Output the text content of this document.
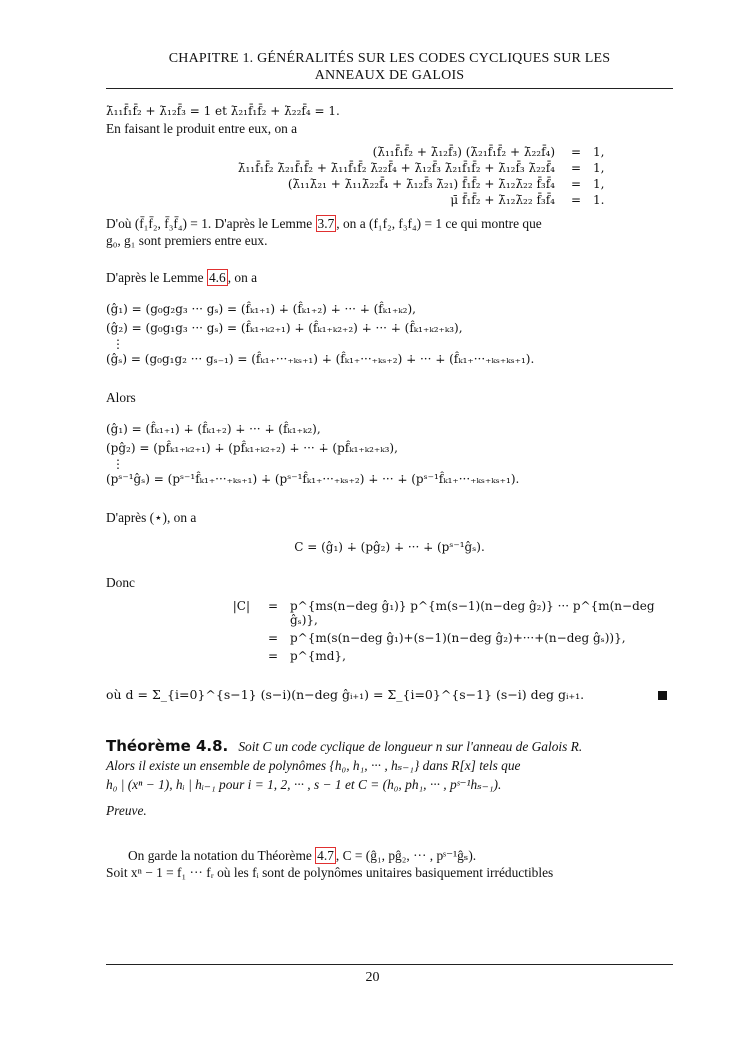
CHAPITRE 1. GÉNÉRALITÉS SUR LES CODES CYCLIQUES SUR LES
ANNEAUX DE GALOIS

λ̄₁₁f̄₁f̄₂ + λ̄₁₂f̄₃ = 1 et λ̄₂₁f̄₁f̄₂ + λ̄₂₂f̄₄ = 1.

En faisant le produit entre eux, on a

(λ̄₁₁f̄₁f̄₂ + λ̄₁₂f̄₃) (λ̄₂₁f̄₁f̄₂ + λ̄₂₂f̄₄)	= 1,
λ̄₁₁f̄₁f̄₂ λ̄₂₁f̄₁f̄₂ + λ̄₁₁f̄₁f̄₂ λ̄₂₂f̄₄ + λ̄₁₂f̄₃ λ̄₂₁f̄₁f̄₂ + λ̄₁₂f̄₃ λ̄₂₂f̄₄	= 1,
(λ̄₁₁λ̄₂₁ + λ̄₁₁λ̄₂₂f̄₄ + λ̄₁₂f̄₃ λ̄₂₁) f̄₁f̄₂ + λ̄₁₂λ̄₂₂ f̄₃f̄₄	= 1,
μ̄ f̄₁f̄₂ + λ̄₁₂λ̄₂₂ f̄₃f̄₄	= 1.

D'où (f̄₁f̄₂, f̄₃f̄₄) = 1. D'après le Lemme 3.7 , on a (f₁f₂, f₃f₄) = 1 ce qui montre que
g₀, g₁ sont premiers entre eux.

D'après le Lemme 4.6 , on a

(ĝ₁) = (g₀g₂g₃ ··· gₛ) = (f̂ₖ₁₊₁) ∔ (f̂ₖ₁₊₂) ∔ ··· ∔ (f̂ₖ₁₊ₖ₂),
(ĝ₂) = (g₀g₁g₃ ··· gₛ) = (f̂ₖ₁₊ₖ₂₊₁) ∔ (f̂ₖ₁₊ₖ₂₊₂) ∔ ··· ∔ (f̂ₖ₁₊ₖ₂₊ₖ₃),
⋮
(ĝₛ) = (g₀g₁g₂ ··· gₛ₋₁) = (f̂ₖ₁₊···₊ₖₛ₊₁) ∔ (f̂ₖ₁₊···₊ₖₛ₊₂) ∔ ··· ∔ (f̂ₖ₁₊···₊ₖₛ₊ₖₛ₊₁).

Alors

(ĝ₁) = (f̂ₖ₁₊₁) ∔ (f̂ₖ₁₊₂) ∔ ··· ∔ (f̂ₖ₁₊ₖ₂),
(pĝ₂) = (pf̂ₖ₁₊ₖ₂₊₁) ∔ (pf̂ₖ₁₊ₖ₂₊₂) ∔ ··· ∔ (pf̂ₖ₁₊ₖ₂₊ₖ₃),
⋮
(pˢ⁻¹ĝₛ) = (pˢ⁻¹f̂ₖ₁₊···₊ₖₛ₊₁) ∔ (pˢ⁻¹f̂ₖ₁₊···₊ₖₛ₊₂) ∔ ··· ∔ (pˢ⁻¹f̂ₖ₁₊···₊ₖₛ₊ₖₛ₊₁).

D'après (⋆), on a

C = (ĝ₁) ∔ (pĝ₂) ∔ ··· ∔ (pˢ⁻¹ĝₛ).

Donc

|C|	= p^{ms(n−deg ĝ₁)} p^{m(s−1)(n−deg ĝ₂)} ··· p^{m(n−deg ĝₛ)},
= p^{m(s(n−deg ĝ₁)+(s−1)(n−deg ĝ₂)+···+(n−deg ĝₛ))},
= p^{md},
où d = Σ_{i=0}^{s−1} (s−i)(n−deg ĝᵢ₊₁) = Σ_{i=0}^{s−1} (s−i) deg gᵢ₊₁.

Théorème 4.8. Soit C un code cyclique de longueur n sur l'anneau de Galois R.
Alors il existe un ensemble de polynômes {h₀, h₁, ··· , hₛ₋₁} dans R[x] tels que
h₀ | (xⁿ − 1), hᵢ | hᵢ₋₁ pour i = 1, 2, ··· , s − 1 et C = (h₀, ph₁, ··· , pˢ⁻¹hₛ₋₁).

Preuve.

On garde la notation du Théorème 4.7 , C = (ĝ₁, pĝ₂, ··· , pˢ⁻¹ĝₛ).

Soit xⁿ − 1 = f₁ ··· fᵣ où les fᵢ sont de polynômes unitaires basiquement irréductibles

20
